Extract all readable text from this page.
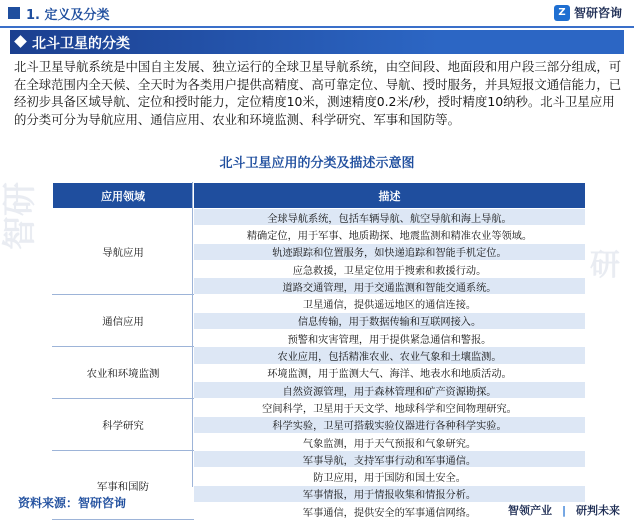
智研
研
1. 定义及分类	Z 智研咨询
北斗卫星的分类
北斗卫星导航系统是中国自主发展、独立运行的全球卫星导航系统，由空间段、地面段和用户段三部分组成，可在全球范围内全天候、全天时为各类用户提供高精度、高可靠定位、导航、授时服务，并具短报文通信能力，已经初步具备区域导航、定位和授时能力，定位精度10米，测速精度0.2米/秒，授时精度10纳秒。北斗卫星应用的分类可分为导航应用、通信应用、农业和环境监测、科学研究、军事和国防等。
北斗卫星应用的分类及描述示意图
应用领域	描述
导航应用	全球导航系统，包括车辆导航、航空导航和海上导航。
	精确定位，用于军事、地质勘探、地震监测和精准农业等领域。
	轨迹跟踪和位置服务，如快递追踪和智能手机定位。
	应急救援，卫星定位用于搜索和救援行动。
	道路交通管理，用于交通监测和智能交通系统。
通信应用	卫星通信，提供遥远地区的通信连接。
	信息传输，用于数据传输和互联网接入。
	预警和灾害管理，用于提供紧急通信和警报。
农业和环境监测	农业应用，包括精准农业、农业气象和土壤监测。
	环境监测，用于监测大气、海洋、地表水和地质活动。
	自然资源管理，用于森林管理和矿产资源勘探。
科学研究	空间科学，卫星用于天文学、地球科学和空间物理研究。
	科学实验，卫星可搭载实验仪器进行各种科学实验。
	气象监测，用于天气预报和气象研究。
军事和国防	军事导航，支持军事行动和军事通信。
	防卫应用，用于国防和国土安全。
	军事情报，用于情报收集和情报分析。
	军事通信，提供安全的军事通信网络。
资料来源：智研咨询
智领产业 | 研判未来
